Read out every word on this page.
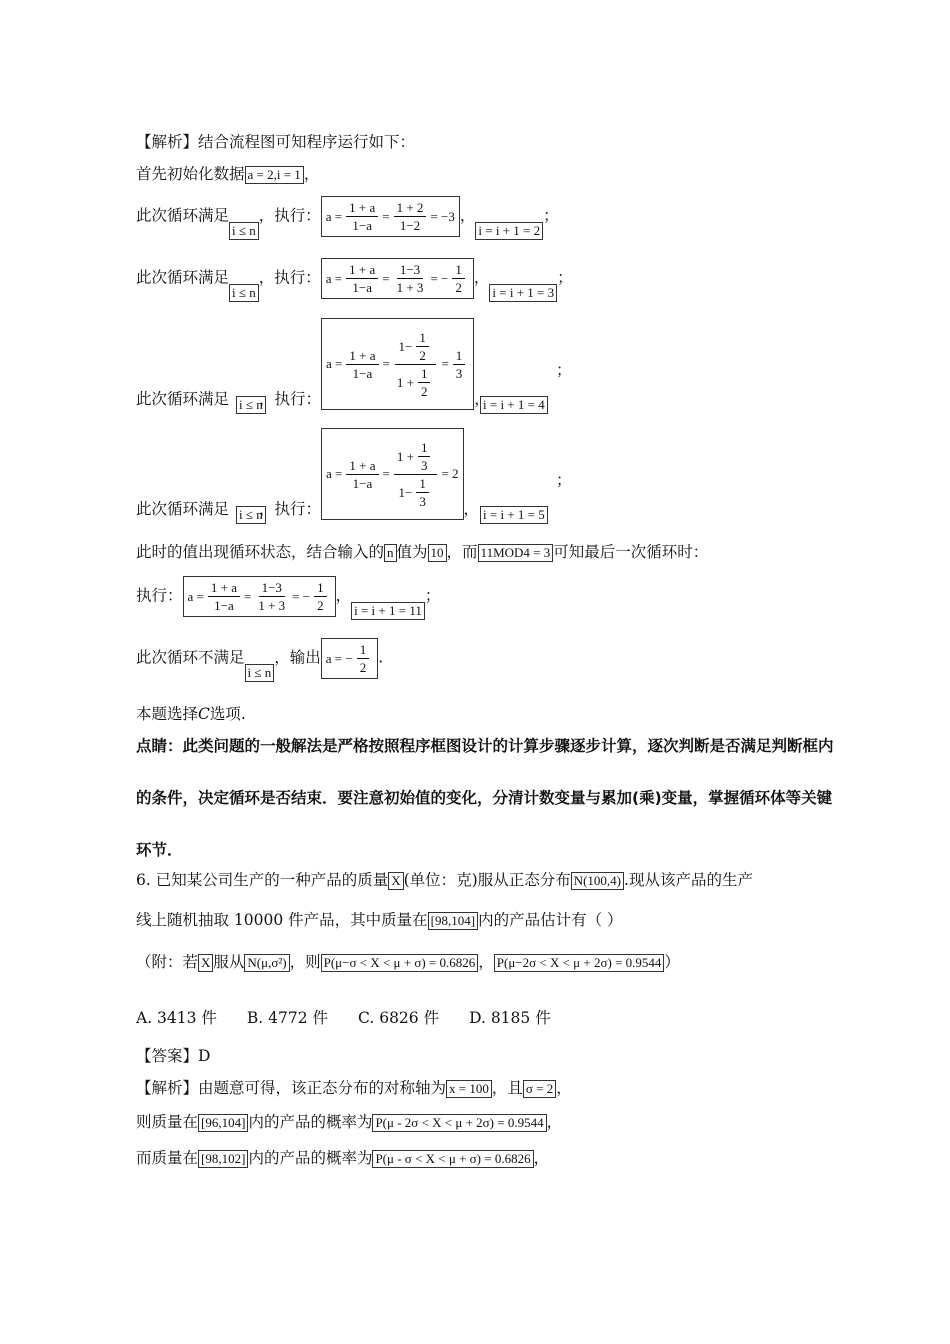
【解析】结合流程图可知程序运行如下：
首先初始化数据 a = 2,i = 1 ，
此次循环满足i ≤ n，执行： $a = \frac{1 + a}{1-a} = \frac{1 + 2}{1-2} = -3$ ，i = i + 1 = 2；
此次循环满足i ≤ n，执行： $a = \frac{1 + a}{1-a} = \frac{1-3}{1 + 3}$ = − $\frac{1}{2}$ ，i = i + 1 = 3；
此次循环满足 i ≤ n
，执行：
$a = \frac{1 + a}{1-a} = \frac{1- \frac{1}{2}}{1 + \frac{1}{2}} = \frac{1}{3}$
，
i = i + 1 = 4
；
此次循环满足 i ≤ n
，执行：
$a = \frac{1 + a}{1-a} = \frac{1 + \frac{1}{3}}{1- \frac{1}{3}} = 2$
， i = i + 1 = 5
；
此时的值出现循环状态，结合输入的 n 值为 10 ，而 11MOD4 = 3 可知最后一次循环时：
执行： $a = \frac{1 + a}{1-a} = \frac{1-3}{1 + 3}$ = − $\frac{1}{2}$ ，i = i + 1 = 11；
此次循环不满足i ≤ n，输出 a = − $\frac{1}{2}$ .
本题选择C选项.
点睛：此类问题的一般解法是严格按照程序框图设计的计算步骤逐步计算，逐次判断是否满足判断框内
的条件，决定循环是否结束．要注意初始值的变化，分清计数变量与累加(乘)变量，掌握循环体等关键
环节．
6. 已知某公司生产的一种产品的质量 X (单位：克)服从正态分布 N(100,4) .现从该产品的生产
线上随机抽取 10000 件产品，其中质量在 [98,104] 内的产品估计有（ ）
（附：若 X 服从 N(μ,σ²) ，则 P(μ−σ < X < μ + σ) = 0.6826 ， P(μ−2σ < X < μ + 2σ) = 0.9544 ）
A. 3413 件 B. 4772 件 C. 6826 件 D. 8185 件
【答案】D
【解析】由题意可得，该正态分布的对称轴为 x = 100 ，且 σ = 2 ，
则质量在 [96,104] 内的产品的概率为 P(μ - 2σ < X < μ + 2σ) = 0.9544 ，
而质量在 [98,102] 内的产品的概率为 P(μ - σ < X < μ + σ) = 0.6826 ，
